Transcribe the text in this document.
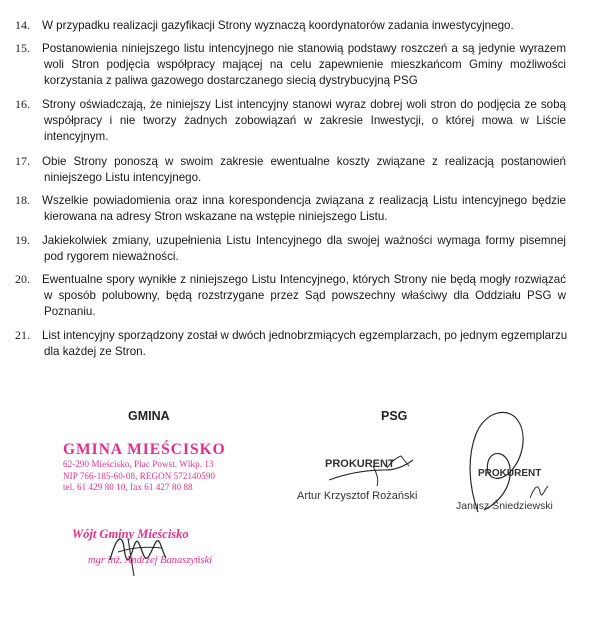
14.	W przypadku realizacji gazyfikacji Strony wyznaczą koordynatorów zadania inwestycyjnego.
15.	Postanowienia niniejszego listu intencyjnego nie stanowią podstawy roszczeń a są jedynie wyrazem
woli Stron podjęcia współpracy mającej na celu zapewnienie mieszkańcom Gminy możliwości
korzystania z paliwa gazowego dostarczanego siecią dystrybucyjną PSG
16.	Strony oświadczają, że niniejszy List intencyjny stanowi wyraz dobrej woli stron do podjęcia ze sobą
współpracy i nie tworzy żadnych zobowiązań w zakresie Inwestycji, o której mowa w Liście
intencyjnym.
17.	Obie Strony ponoszą w swoim zakresie ewentualne koszty związane z realizacją postanowień
niniejszego Listu intencyjnego.
18.	Wszelkie powiadomienia oraz inna korespondencja związana z realizacją Listu intencyjnego będzie
kierowana na adresy Stron wskazane na wstępie niniejszego Listu.
19.	Jakiekolwiek zmiany, uzupełnienia Listu Intencyjnego dla swojej ważności wymaga formy pisemnej
pod rygorem nieważności.
20.	Ewentualne spory wynikłe z niniejszego Listu Intencyjnego, których Strony nie będą mogły rozwiązać
w sposób polubowny, będą rozstrzygane przez Sąd powszechny właściwy dla Oddziału PSG w
Poznaniu.
21.	List intencyjny sporządzony został w dwóch jednobrzmiących egzemplarzach, po jednym egzemplarzu
dla każdej ze Stron.
GMINA	PSG
GMINA MIEŚCISKO
62-290 Mieścisko, Plac Powst. Wlkp. 13
NIP 766-185-60-08, REGON 572140590
tel. 61 429 80 10, fax 61 427 80 88
Wójt Gminy Mieścisko
mgr inż. Andrzej Banaszyński
PROKURENT
Artur Krzysztof Rożański
PROKURENT
Janusz Śniedziewski
